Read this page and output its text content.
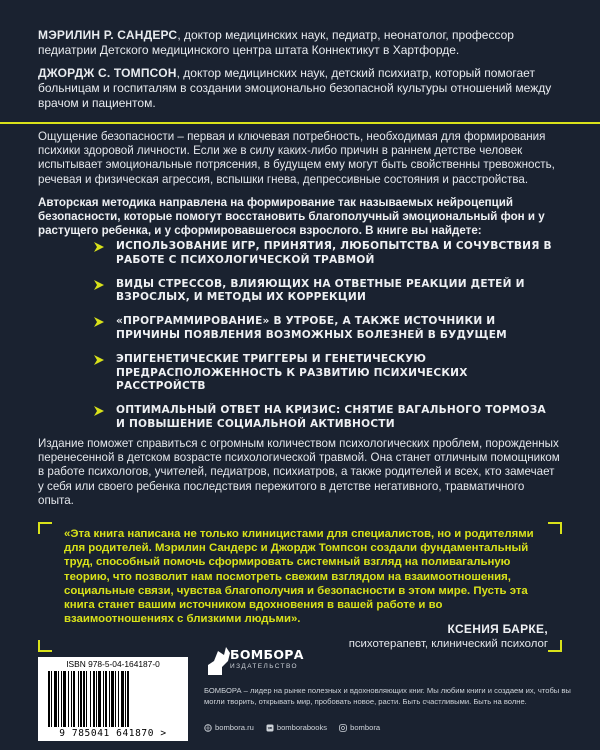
МЭРИЛИН Р. САНДЕРС, доктор медицинских наук, педиатр, неонатолог, профессор педиатрии Детского медицинского центра штата Коннектикут в Хартфорде.

ДЖОРДЖ С. ТОМПСОН, доктор медицинских наук, детский психиатр, который помогает больницам и госпиталям в создании эмоционально безопасной культуры отношений между врачом и пациентом.

Ощущение безопасности – первая и ключевая потребность, необходимая для формирования психики здоровой личности. Если же в силу каких-либо причин в раннем детстве человек испытывает эмоциональные потрясения, в будущем ему могут быть свойственны тревожность, речевая и физическая агрессия, вспышки гнева, депрессивные состояния и расстройства.

Авторская методика направлена на формирование так называемых нейроцепций безопасности, которые помогут восстановить благополучный эмоциональный фон и у растущего ребенка, и у сформировавшегося взрослого. В книге вы найдете:

ИСПОЛЬЗОВАНИЕ ИГР, ПРИНЯТИЯ, ЛЮБОПЫТСТВА И СОЧУВСТВИЯ В РАБОТЕ С ПСИХОЛОГИЧЕСКОЙ ТРАВМОЙ
ВИДЫ СТРЕССОВ, ВЛИЯЮЩИХ НА ОТВЕТНЫЕ РЕАКЦИИ ДЕТЕЙ И ВЗРОСЛЫХ, И МЕТОДЫ ИХ КОРРЕКЦИИ
«ПРОГРАММИРОВАНИЕ» В УТРОБЕ, А ТАКЖЕ ИСТОЧНИКИ И ПРИЧИНЫ ПОЯВЛЕНИЯ ВОЗМОЖНЫХ БОЛЕЗНЕЙ В БУДУЩЕМ
ЭПИГЕНЕТИЧЕСКИЕ ТРИГГЕРЫ И ГЕНЕТИЧЕСКУЮ ПРЕДРАСПОЛОЖЕННОСТЬ К РАЗВИТИЮ ПСИХИЧЕСКИХ РАССТРОЙСТВ
ОПТИМАЛЬНЫЙ ОТВЕТ НА КРИЗИС: СНЯТИЕ ВАГАЛЬНОГО ТОРМОЗА И ПОВЫШЕНИЕ СОЦИАЛЬНОЙ АКТИВНОСТИ

Издание поможет справиться с огромным количеством психологических проблем, порожденных перенесенной в детском возрасте психологической травмой. Она станет отличным помощником в работе психологов, учителей, педиатров, психиатров, а также родителей и всех, кто замечает у себя или своего ребенка последствия пережитого в детстве негативного, травматичного опыта.

«Эта книга написана не только клиницистами для специалистов, но и родителями для родителей. Мэрилин Сандерс и Джордж Томпсон создали фундаментальный труд, способный помочь сформировать системный взгляд на поливагальную теорию, что позволит нам посмотреть свежим взглядом на взаимоотношения, социальные связи, чувства благополучия и безопасности в этом мире. Пусть эта книга станет вашим источником вдохновения в вашей работе и во взаимоотношениях с близкими людьми».

КСЕНИЯ БАРКЕ,
психотерапевт, клинический психолог
ISBN 978-5-04-164187-0
9 785041 641870 >
БОМБОРА
ИЗДАТЕЛЬСТВО

БОМБОРА – лидер на рынке полезных и вдохновляющих книг. Мы любим книги и создаем их, чтобы вы могли творить, открывать мир, пробовать новое, расти. Быть счастливыми. Быть на волне.

bombora.ru	bomborabooks	bombora
